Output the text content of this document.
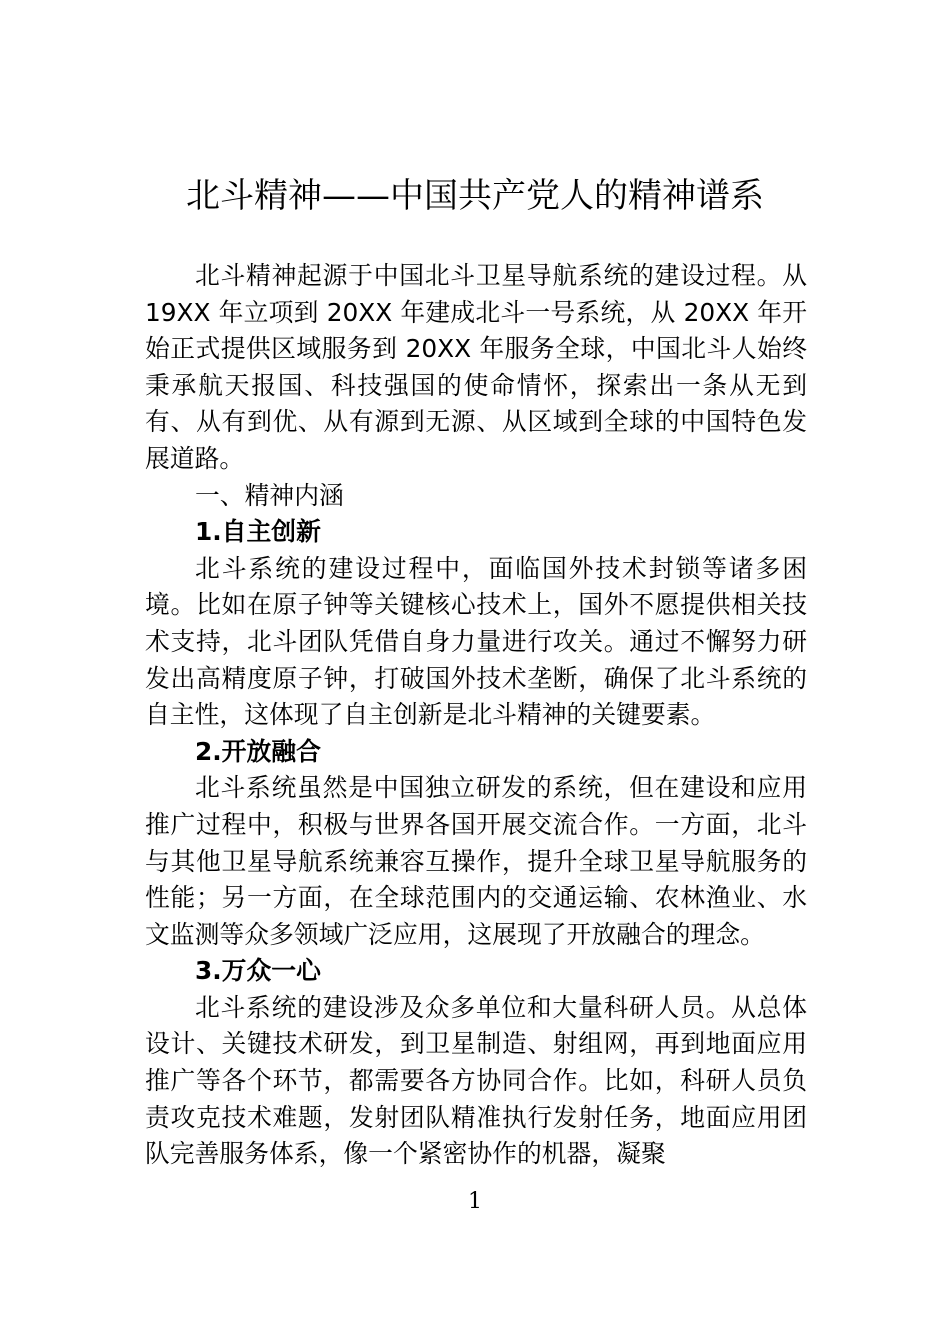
北斗精神——中国共产党人的精神谱系

北斗精神起源于中国北斗卫星导航系统的建设过程。从 19XX 年立项到 20XX 年建成北斗一号系统，从 20XX 年开始正式提供区域服务到 20XX 年服务全球，中国北斗人始终秉承航天报国、科技强国的使命情怀，探索出一条从无到有、从有到优、从有源到无源、从区域到全球的中国特色发展道路。

一、精神内涵

1.自主创新

北斗系统的建设过程中，面临国外技术封锁等诸多困境。比如在原子钟等关键核心技术上，国外不愿提供相关技术支持，北斗团队凭借自身力量进行攻关。通过不懈努力研发出高精度原子钟，打破国外技术垄断，确保了北斗系统的自主性，这体现了自主创新是北斗精神的关键要素。

2.开放融合

北斗系统虽然是中国独立研发的系统，但在建设和应用推广过程中，积极与世界各国开展交流合作。一方面，北斗与其他卫星导航系统兼容互操作，提升全球卫星导航服务的性能；另一方面，在全球范围内的交通运输、农林渔业、水文监测等众多领域广泛应用，这展现了开放融合的理念。

3.万众一心

北斗系统的建设涉及众多单位和大量科研人员。从总体设计、关键技术研发，到卫星制造、射组网，再到地面应用推广等各个环节，都需要各方协同合作。比如，科研人员负责攻克技术难题，发射团队精准执行发射任务，地面应用团队完善服务体系，像一个紧密协作的机器，凝聚

1
